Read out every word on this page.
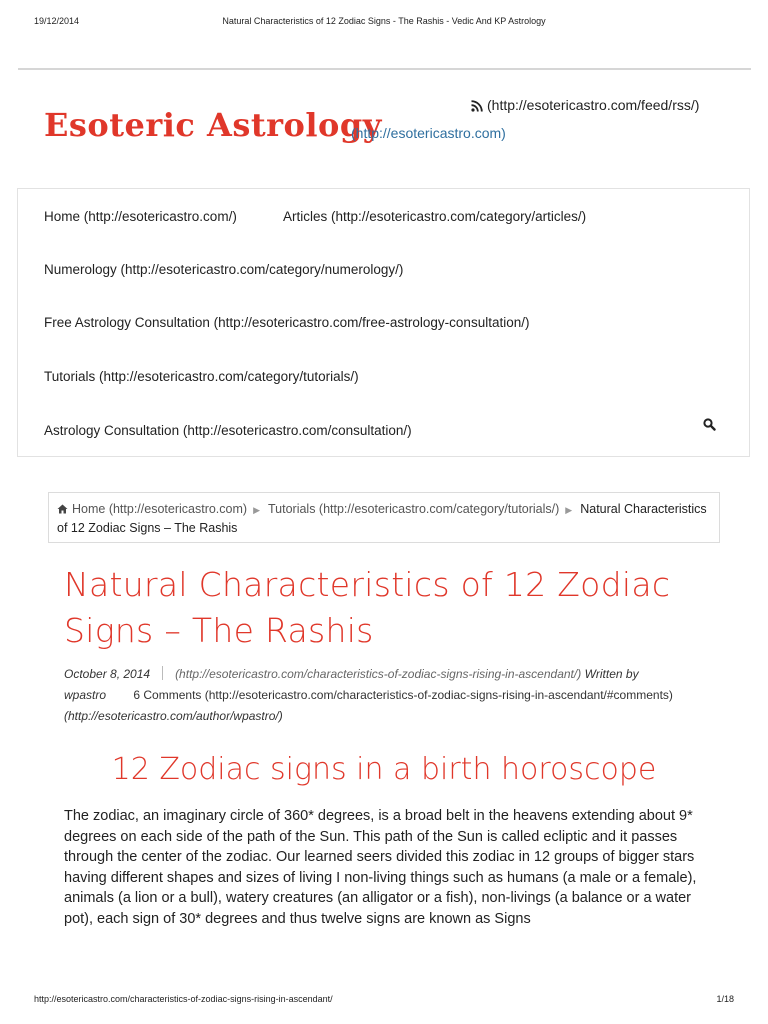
19/12/2014	Natural Characteristics of 12 Zodiac Signs - The Rashis - Vedic And KP Astrology
Esoteric Astrology
(http://esotericastro.com)
(http://esotericastro.com/feed/rss/)
Home (http://esotericastro.com/)	Articles (http://esotericastro.com/category/articles/)
Numerology (http://esotericastro.com/category/numerology/)
Free Astrology Consultation (http://esotericastro.com/free-astrology-consultation/)
Tutorials (http://esotericastro.com/category/tutorials/)
Astrology Consultation (http://esotericastro.com/consultation/)
Home (http://esotericastro.com) ▶ Tutorials (http://esotericastro.com/category/tutorials/) ▶ Natural Characteristics of 12 Zodiac Signs – The Rashis
Natural Characteristics of 12 Zodiac Signs – The Rashis
October 8, 2014 (http://esotericastro.com/characteristics-of-zodiac-signs-rising-in-ascendant/) Written by
wpastro 6 Comments (http://esotericastro.com/characteristics-of-zodiac-signs-rising-in-ascendant/#comments)
(http://esotericastro.com/author/wpastro/)
12 Zodiac signs in a birth horoscope

The zodiac, an imaginary circle of 360* degrees, is a broad belt in the heavens extending about 9* degrees on each side of the path of the Sun. This path of the Sun is called ecliptic and it passes through the center of the zodiac. Our learned seers divided this zodiac in 12 groups of bigger stars having different shapes and sizes of living I non-living things such as humans (a male or a female), animals (a lion or a bull), watery creatures (an alligator or a fish), non-livings (a balance or a water pot), each sign of 30* degrees and thus twelve signs are known as Signs

http://esotericastro.com/characteristics-of-zodiac-signs-rising-in-ascendant/	1/18
